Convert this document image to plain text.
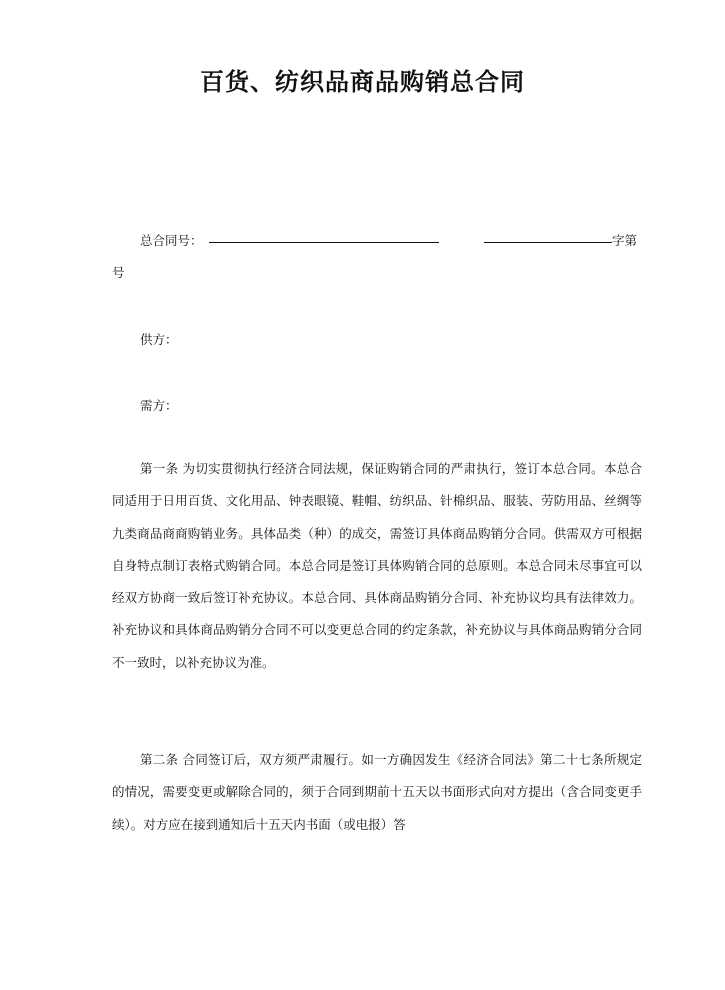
百货、纺织品商品购销总合同
总合同号：	字第
号
供方：
需方：
第一条 为切实贯彻执行经济合同法规，保证购销合同的严肃执行，签订本总合同。本总合同适用于日用百货、文化用品、钟表眼镜、鞋帽、纺织品、针棉织品、服装、劳防用品、丝绸等九类商品商商购销业务。具体品类（种）的成交，需签订具体商品购销分合同。供需双方可根据自身特点制订表格式购销合同。本总合同是签订具体购销合同的总原则。本总合同未尽事宜可以经双方协商一致后签订补充协议。本总合同、具体商品购销分合同、补充协议均具有法律效力。补充协议和具体商品购销分合同不可以变更总合同的约定条款，补充协议与具体商品购销分合同不一致时，以补充协议为准。
第二条 合同签订后，双方须严肃履行。如一方确因发生《经济合同法》第二十七条所规定的情况，需要变更或解除合同的，须于合同到期前十五天以书面形式向对方提出（含合同变更手续）。对方应在接到通知后十五天内书面（或电报）答
